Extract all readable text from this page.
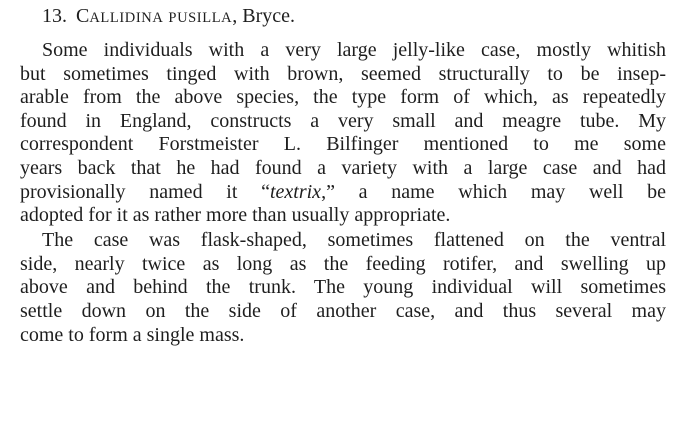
13. CALLIDINA PUSILLA, Bryce.
Some individuals with a very large jelly-like case, mostly whitish
but sometimes tinged with brown, seemed structurally to be insep-
arable from the above species, the type form of which, as repeatedly
found in England, constructs a very small and meagre tube. My
correspondent Forstmeister L. Bilfinger mentioned to me some
years back that he had found a variety with a large case and had
provisionally named it “textrix,” a name which may well be
adopted for it as rather more than usually appropriate.
The case was flask-shaped, sometimes flattened on the ventral
side, nearly twice as long as the feeding rotifer, and swelling up
above and behind the trunk. The young individual will sometimes
settle down on the side of another case, and thus several may
come to form a single mass.
